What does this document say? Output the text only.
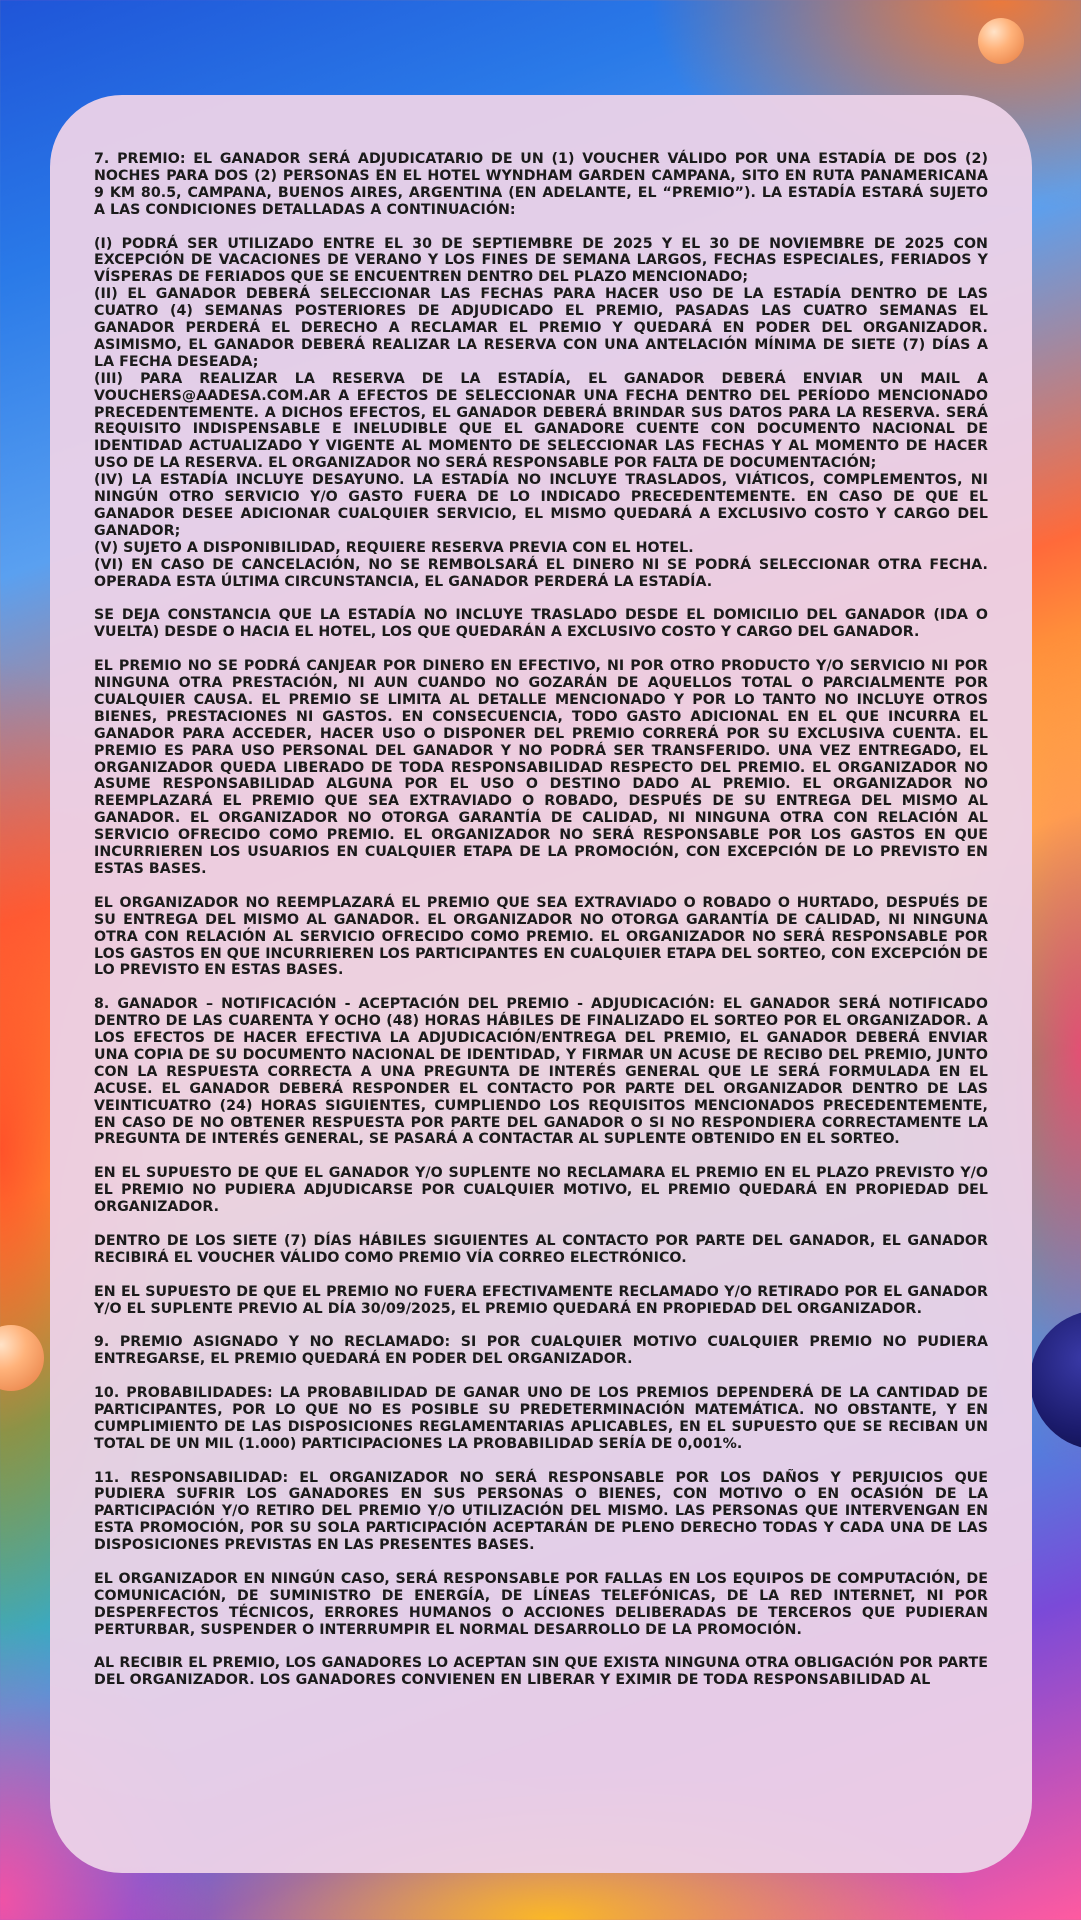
7. PREMIO: EL GANADOR SERÁ ADJUDICATARIO DE UN (1) VOUCHER VÁLIDO POR UNA ESTADÍA DE DOS (2) NOCHES PARA DOS (2) PERSONAS EN EL HOTEL WYNDHAM GARDEN CAMPANA, SITO EN RUTA PANAMERICANA 9 KM 80.5, CAMPANA, BUENOS AIRES, ARGENTINA (EN ADELANTE, EL “PREMIO”). LA ESTADÍA ESTARÁ SUJETO A LAS CONDICIONES DETALLADAS A CONTINUACIÓN:

(I) PODRÁ SER UTILIZADO ENTRE EL 30 DE SEPTIEMBRE DE 2025 Y EL 30 DE NOVIEMBRE DE 2025 CON EXCEPCIÓN DE VACACIONES DE VERANO Y LOS FINES DE SEMANA LARGOS, FECHAS ESPECIALES, FERIADOS Y VÍSPERAS DE FERIADOS QUE SE ENCUENTREN DENTRO DEL PLAZO MENCIONADO;

(II) EL GANADOR DEBERÁ SELECCIONAR LAS FECHAS PARA HACER USO DE LA ESTADÍA DENTRO DE LAS CUATRO (4) SEMANAS POSTERIORES DE ADJUDICADO EL PREMIO, PASADAS LAS CUATRO SEMANAS EL GANADOR PERDERÁ EL DERECHO A RECLAMAR EL PREMIO Y QUEDARÁ EN PODER DEL ORGANIZADOR. ASIMISMO, EL GANADOR DEBERÁ REALIZAR LA RESERVA CON UNA ANTELACIÓN MÍNIMA DE SIETE (7) DÍAS A LA FECHA DESEADA;

(III) PARA REALIZAR LA RESERVA DE LA ESTADÍA, EL GANADOR DEBERÁ ENVIAR UN MAIL A VOUCHERS@AADESA.COM.AR A EFECTOS DE SELECCIONAR UNA FECHA DENTRO DEL PERÍODO MENCIONADO PRECEDENTEMENTE. A DICHOS EFECTOS, EL GANADOR DEBERÁ BRINDAR SUS DATOS PARA LA RESERVA. SERÁ REQUISITO INDISPENSABLE E INELUDIBLE QUE EL GANADORE CUENTE CON DOCUMENTO NACIONAL DE IDENTIDAD ACTUALIZADO Y VIGENTE AL MOMENTO DE SELECCIONAR LAS FECHAS Y AL MOMENTO DE HACER USO DE LA RESERVA. EL ORGANIZADOR NO SERÁ RESPONSABLE POR FALTA DE DOCUMENTACIÓN;

(IV) LA ESTADÍA INCLUYE DESAYUNO. LA ESTADÍA NO INCLUYE TRASLADOS, VIÁTICOS, COMPLEMENTOS, NI NINGÚN OTRO SERVICIO Y/O GASTO FUERA DE LO INDICADO PRECEDENTEMENTE. EN CASO DE QUE EL GANADOR DESEE ADICIONAR CUALQUIER SERVICIO, EL MISMO QUEDARÁ A EXCLUSIVO COSTO Y CARGO DEL GANADOR;

(V) SUJETO A DISPONIBILIDAD, REQUIERE RESERVA PREVIA CON EL HOTEL.

(VI) EN CASO DE CANCELACIÓN, NO SE REMBOLSARÁ EL DINERO NI SE PODRÁ SELECCIONAR OTRA FECHA. OPERADA ESTA ÚLTIMA CIRCUNSTANCIA, EL GANADOR PERDERÁ LA ESTADÍA.

SE DEJA CONSTANCIA QUE LA ESTADÍA NO INCLUYE TRASLADO DESDE EL DOMICILIO DEL GANADOR (IDA O VUELTA) DESDE O HACIA EL HOTEL, LOS QUE QUEDARÁN A EXCLUSIVO COSTO Y CARGO DEL GANADOR.

EL PREMIO NO SE PODRÁ CANJEAR POR DINERO EN EFECTIVO, NI POR OTRO PRODUCTO Y/O SERVICIO NI POR NINGUNA OTRA PRESTACIÓN, NI AUN CUANDO NO GOZARÁN DE AQUELLOS TOTAL O PARCIALMENTE POR CUALQUIER CAUSA. EL PREMIO SE LIMITA AL DETALLE MENCIONADO Y POR LO TANTO NO INCLUYE OTROS BIENES, PRESTACIONES NI GASTOS. EN CONSECUENCIA, TODO GASTO ADICIONAL EN EL QUE INCURRA EL GANADOR PARA ACCEDER, HACER USO O DISPONER DEL PREMIO CORRERÁ POR SU EXCLUSIVA CUENTA. EL PREMIO ES PARA USO PERSONAL DEL GANADOR Y NO PODRÁ SER TRANSFERIDO. UNA VEZ ENTREGADO, EL ORGANIZADOR QUEDA LIBERADO DE TODA RESPONSABILIDAD RESPECTO DEL PREMIO. EL ORGANIZADOR NO ASUME RESPONSABILIDAD ALGUNA POR EL USO O DESTINO DADO AL PREMIO. EL ORGANIZADOR NO REEMPLAZARÁ EL PREMIO QUE SEA EXTRAVIADO O ROBADO, DESPUÉS DE SU ENTREGA DEL MISMO AL GANADOR. EL ORGANIZADOR NO OTORGA GARANTÍA DE CALIDAD, NI NINGUNA OTRA CON RELACIÓN AL SERVICIO OFRECIDO COMO PREMIO. EL ORGANIZADOR NO SERÁ RESPONSABLE POR LOS GASTOS EN QUE INCURRIEREN LOS USUARIOS EN CUALQUIER ETAPA DE LA PROMOCIÓN, CON EXCEPCIÓN DE LO PREVISTO EN ESTAS BASES.

EL ORGANIZADOR NO REEMPLAZARÁ EL PREMIO QUE SEA EXTRAVIADO O ROBADO O HURTADO, DESPUÉS DE SU ENTREGA DEL MISMO AL GANADOR. EL ORGANIZADOR NO OTORGA GARANTÍA DE CALIDAD, NI NINGUNA OTRA CON RELACIÓN AL SERVICIO OFRECIDO COMO PREMIO. EL ORGANIZADOR NO SERÁ RESPONSABLE POR LOS GASTOS EN QUE INCURRIEREN LOS PARTICIPANTES EN CUALQUIER ETAPA DEL SORTEO, CON EXCEPCIÓN DE LO PREVISTO EN ESTAS BASES.

8. GANADOR – NOTIFICACIÓN - ACEPTACIÓN DEL PREMIO - ADJUDICACIÓN: EL GANADOR SERÁ NOTIFICADO DENTRO DE LAS CUARENTA Y OCHO (48) HORAS HÁBILES DE FINALIZADO EL SORTEO POR EL ORGANIZADOR. A LOS EFECTOS DE HACER EFECTIVA LA ADJUDICACIÓN/ENTREGA DEL PREMIO, EL GANADOR DEBERÁ ENVIAR UNA COPIA DE SU DOCUMENTO NACIONAL DE IDENTIDAD, Y FIRMAR UN ACUSE DE RECIBO DEL PREMIO, JUNTO CON LA RESPUESTA CORRECTA A UNA PREGUNTA DE INTERÉS GENERAL QUE LE SERÁ FORMULADA EN EL ACUSE. EL GANADOR DEBERÁ RESPONDER EL CONTACTO POR PARTE DEL ORGANIZADOR DENTRO DE LAS VEINTICUATRO (24) HORAS SIGUIENTES, CUMPLIENDO LOS REQUISITOS MENCIONADOS PRECEDENTEMENTE, EN CASO DE NO OBTENER RESPUESTA POR PARTE DEL GANADOR O SI NO RESPONDIERA CORRECTAMENTE LA PREGUNTA DE INTERÉS GENERAL, SE PASARÁ A CONTACTAR AL SUPLENTE OBTENIDO EN EL SORTEO.

EN EL SUPUESTO DE QUE EL GANADOR Y/O SUPLENTE NO RECLAMARA EL PREMIO EN EL PLAZO PREVISTO Y/O EL PREMIO NO PUDIERA ADJUDICARSE POR CUALQUIER MOTIVO, EL PREMIO QUEDARÁ EN PROPIEDAD DEL ORGANIZADOR.

DENTRO DE LOS SIETE (7) DÍAS HÁBILES SIGUIENTES AL CONTACTO POR PARTE DEL GANADOR, EL GANADOR RECIBIRÁ EL VOUCHER VÁLIDO COMO PREMIO VÍA CORREO ELECTRÓNICO.

EN EL SUPUESTO DE QUE EL PREMIO NO FUERA EFECTIVAMENTE RECLAMADO Y/O RETIRADO POR EL GANADOR Y/O EL SUPLENTE PREVIO AL DÍA 30/09/2025, EL PREMIO QUEDARÁ EN PROPIEDAD DEL ORGANIZADOR.

9. PREMIO ASIGNADO Y NO RECLAMADO: SI POR CUALQUIER MOTIVO CUALQUIER PREMIO NO PUDIERA ENTREGARSE, EL PREMIO QUEDARÁ EN PODER DEL ORGANIZADOR.

10. PROBABILIDADES: LA PROBABILIDAD DE GANAR UNO DE LOS PREMIOS DEPENDERÁ DE LA CANTIDAD DE PARTICIPANTES, POR LO QUE NO ES POSIBLE SU PREDETERMINACIÓN MATEMÁTICA. NO OBSTANTE, Y EN CUMPLIMIENTO DE LAS DISPOSICIONES REGLAMENTARIAS APLICABLES, EN EL SUPUESTO QUE SE RECIBAN UN TOTAL DE UN MIL (1.000) PARTICIPACIONES LA PROBABILIDAD SERÍA DE 0,001%.

11. RESPONSABILIDAD: EL ORGANIZADOR NO SERÁ RESPONSABLE POR LOS DAÑOS Y PERJUICIOS QUE PUDIERA SUFRIR LOS GANADORES EN SUS PERSONAS O BIENES, CON MOTIVO O EN OCASIÓN DE LA PARTICIPACIÓN Y/O RETIRO DEL PREMIO Y/O UTILIZACIÓN DEL MISMO. LAS PERSONAS QUE INTERVENGAN EN ESTA PROMOCIÓN, POR SU SOLA PARTICIPACIÓN ACEPTARÁN DE PLENO DERECHO TODAS Y CADA UNA DE LAS DISPOSICIONES PREVISTAS EN LAS PRESENTES BASES.

EL ORGANIZADOR EN NINGÚN CASO, SERÁ RESPONSABLE POR FALLAS EN LOS EQUIPOS DE COMPUTACIÓN, DE COMUNICACIÓN, DE SUMINISTRO DE ENERGÍA, DE LÍNEAS TELEFÓNICAS, DE LA RED INTERNET, NI POR DESPERFECTOS TÉCNICOS, ERRORES HUMANOS O ACCIONES DELIBERADAS DE TERCEROS QUE PUDIERAN PERTURBAR, SUSPENDER O INTERRUMPIR EL NORMAL DESARROLLO DE LA PROMOCIÓN.

AL RECIBIR EL PREMIO, LOS GANADORES LO ACEPTAN SIN QUE EXISTA NINGUNA OTRA OBLIGACIÓN POR PARTE DEL ORGANIZADOR. LOS GANADORES CONVIENEN EN LIBERAR Y EXIMIR DE TODA RESPONSABILIDAD AL
